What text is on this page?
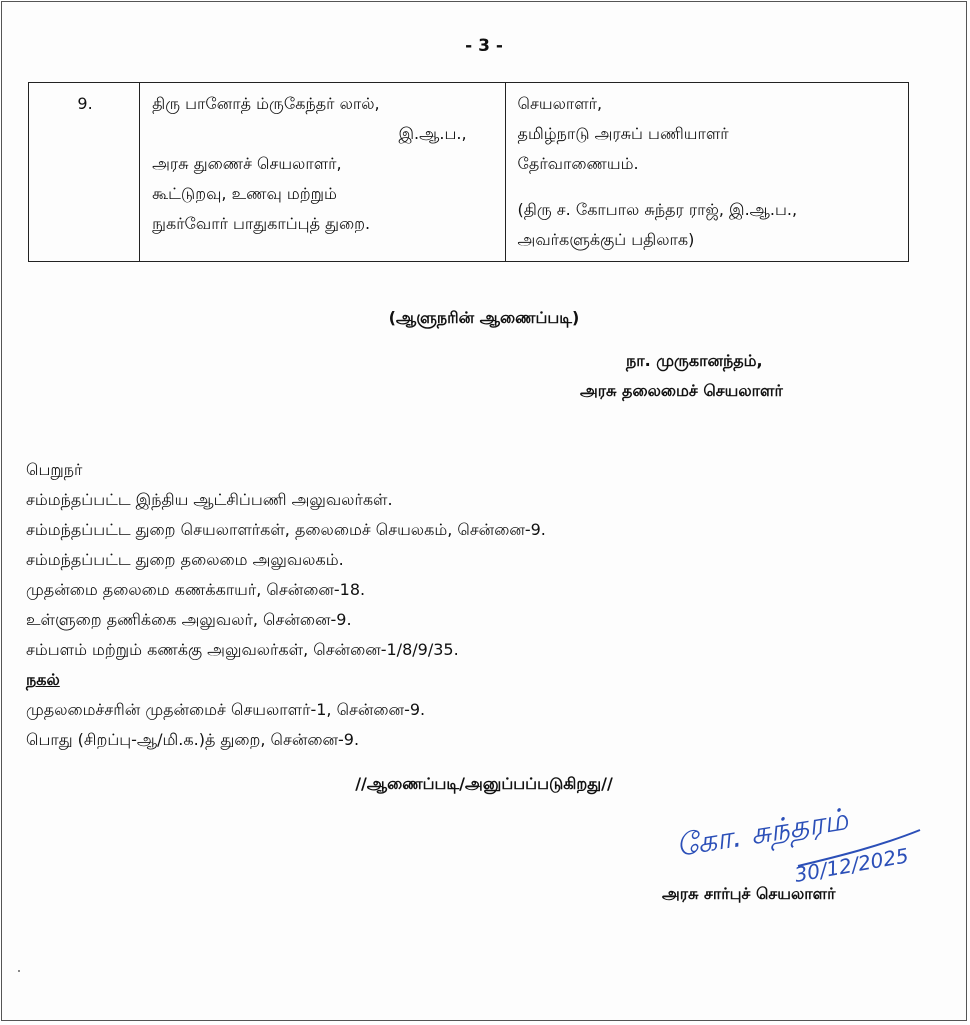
- 3 -
9.	திரு பானோத் ம்ருகேந்தர் லால்,
இ.ஆ.ப.,
அரசு துணைச் செயலாளர்,
கூட்டுறவு, உணவு மற்றும்
நுகர்வோர் பாதுகாப்புத் துறை.

செயலாளர்,
தமிழ்நாடு அரசுப் பணியாளர்
தேர்வாணையம்.
(திரு ச. கோபால சுந்தர ராஜ், இ.ஆ.ப.,
அவர்களுக்குப் பதிலாக)
(ஆளுநரின் ஆணைப்படி)
நா. முருகானந்தம்,
அரசு தலைமைச் செயலாளர்
பெறுநர்
சம்மந்தப்பட்ட இந்திய ஆட்சிப்பணி அலுவலர்கள்.
சம்மந்தப்பட்ட துறை செயலாளர்கள், தலைமைச் செயலகம், சென்னை-9.
சம்மந்தப்பட்ட துறை தலைமை அலுவலகம்.
முதன்மை தலைமை கணக்காயர், சென்னை-18.
உள்ளுறை தணிக்கை அலுவலர், சென்னை-9.
சம்பளம் மற்றும் கணக்கு அலுவலர்கள், சென்னை-1/8/9/35.
நகல்
முதலமைச்சரின் முதன்மைச் செயலாளர்-1, சென்னை-9.
பொது (சிறப்பு-ஆ/மி.க.)த் துறை, சென்னை-9.
//ஆணைப்படி/அனுப்பப்படுகிறது//
கோ. சுந்தரம்
30/12/2025
அரசு சார்புச் செயலாளர்
